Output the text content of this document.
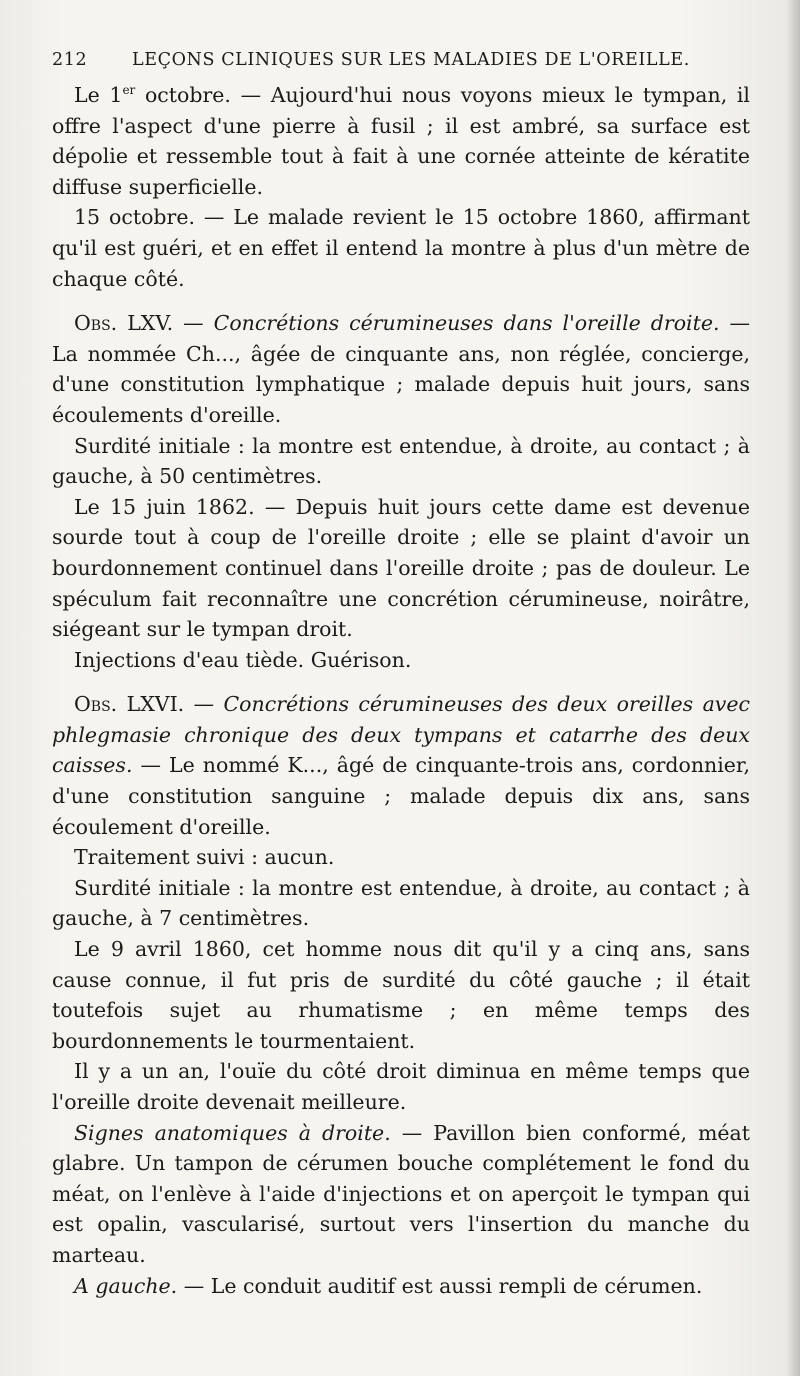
212	LEÇONS CLINIQUES SUR LES MALADIES DE L'OREILLE.

Le 1er octobre. — Aujourd'hui nous voyons mieux le tympan, il offre l'aspect d'une pierre à fusil ; il est ambré, sa surface est dépolie et ressemble tout à fait à une cornée atteinte de kératite diffuse superficielle.

15 octobre. — Le malade revient le 15 octobre 1860, affirmant qu'il est guéri, et en effet il entend la montre à plus d'un mètre de chaque côté.

Obs. LXV. — Concrétions cérumineuses dans l'oreille droite. — La nommée Ch..., âgée de cinquante ans, non réglée, concierge, d'une constitution lymphatique ; malade depuis huit jours, sans écoulements d'oreille.

Surdité initiale : la montre est entendue, à droite, au contact ; à gauche, à 50 centimètres.

Le 15 juin 1862. — Depuis huit jours cette dame est devenue sourde tout à coup de l'oreille droite ; elle se plaint d'avoir un bourdonnement continuel dans l'oreille droite ; pas de douleur. Le spéculum fait reconnaître une concrétion cérumineuse, noirâtre, siégeant sur le tympan droit.

Injections d'eau tiède. Guérison.

Obs. LXVI. — Concrétions cérumineuses des deux oreilles avec phlegmasie chronique des deux tympans et catarrhe des deux caisses. — Le nommé K..., âgé de cinquante-trois ans, cordonnier, d'une constitution sanguine ; malade depuis dix ans, sans écoulement d'oreille.

Traitement suivi : aucun.

Surdité initiale : la montre est entendue, à droite, au contact ; à gauche, à 7 centimètres.

Le 9 avril 1860, cet homme nous dit qu'il y a cinq ans, sans cause connue, il fut pris de surdité du côté gauche ; il était toutefois sujet au rhumatisme ; en même temps des bourdonnements le tourmentaient.

Il y a un an, l'ouïe du côté droit diminua en même temps que l'oreille droite devenait meilleure.

Signes anatomiques à droite. — Pavillon bien conformé, méat glabre. Un tampon de cérumen bouche complétement le fond du méat, on l'enlève à l'aide d'injections et on aperçoit le tympan qui est opalin, vascularisé, surtout vers l'insertion du manche du marteau.

A gauche. — Le conduit auditif est aussi rempli de cérumen.
